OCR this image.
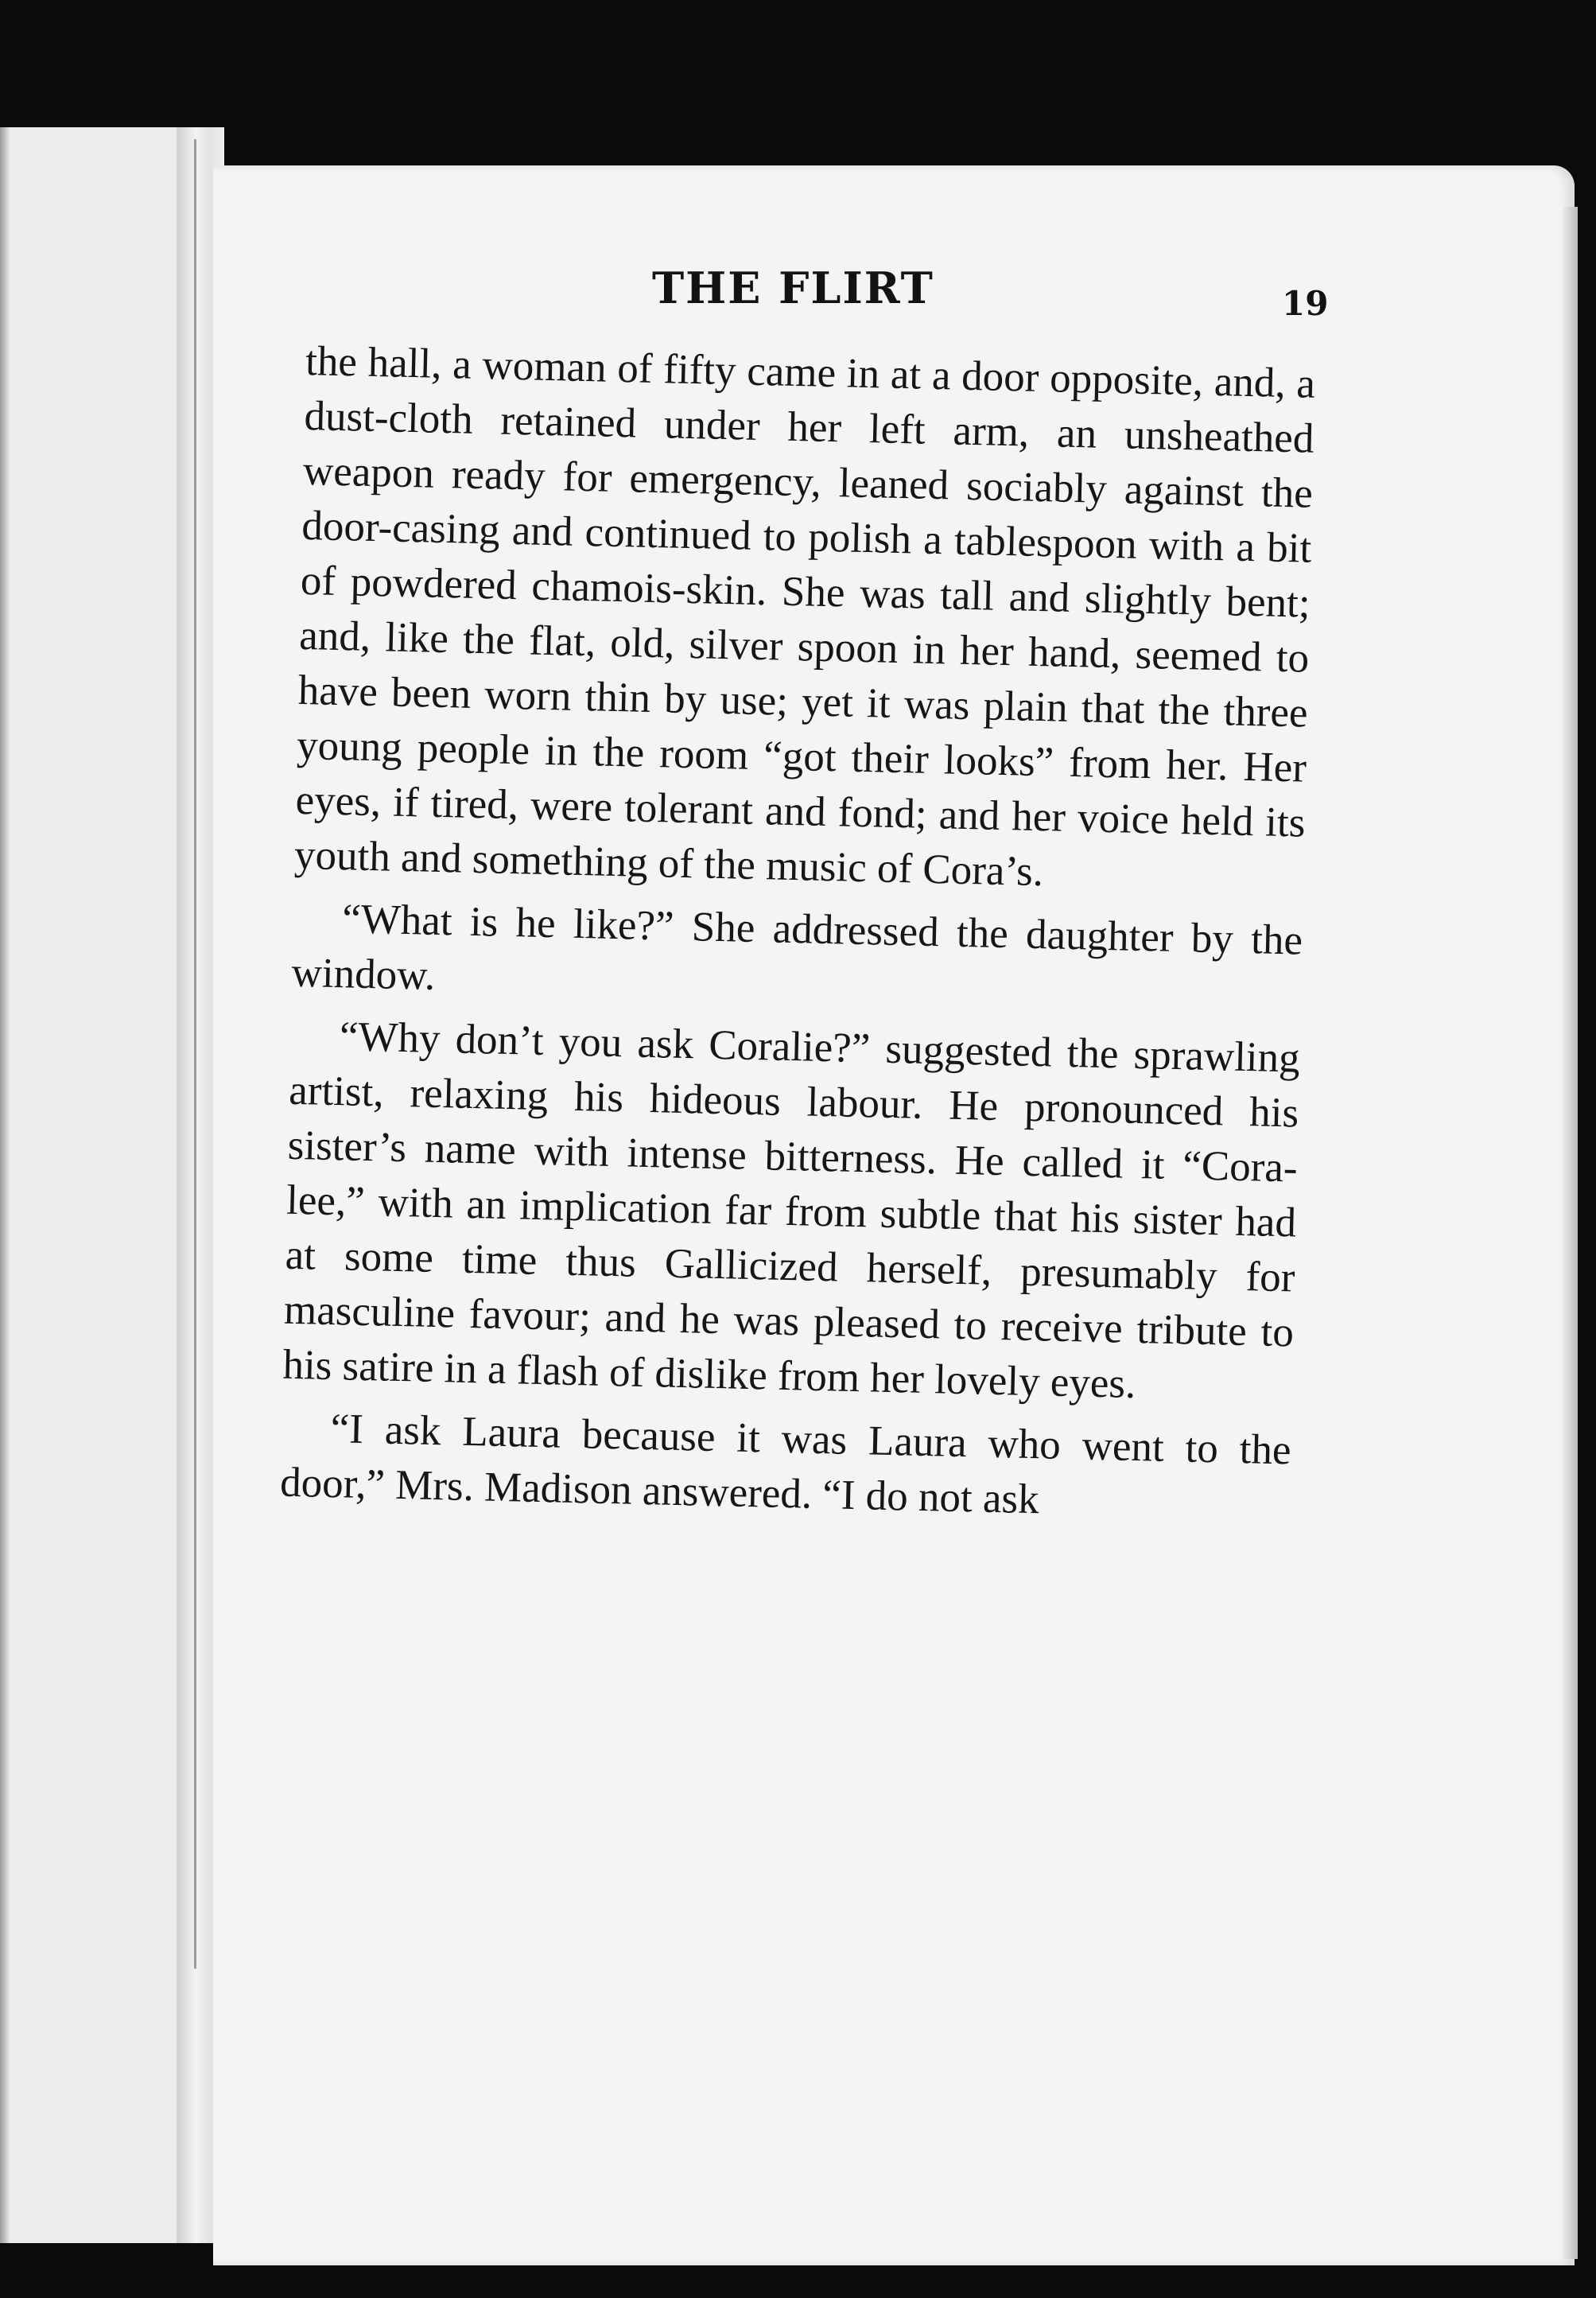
THE FLIRT	19

the hall, a woman of fifty came in at a door opposite, and, a dust-cloth retained under her left arm, an unsheathed weapon ready for emergency, leaned sociably against the door-casing and continued to polish a tablespoon with a bit of powdered chamois-skin. She was tall and slightly bent; and, like the flat, old, silver spoon in her hand, seemed to have been worn thin by use; yet it was plain that the three young people in the room “got their looks” from her. Her eyes, if tired, were tolerant and fond; and her voice held its youth and something of the music of Cora’s.

“What is he like?” She addressed the daughter by the window.

“Why don’t you ask Coralie?” suggested the sprawling artist, relaxing his hideous labour. He pronounced his sister’s name with intense bitterness. He called it “Cora-lee,” with an implication far from subtle that his sister had at some time thus Gallicized herself, presumably for masculine favour; and he was pleased to receive tribute to his satire in a flash of dislike from her lovely eyes.

“I ask Laura because it was Laura who went to the door,” Mrs. Madison answered. “I do not ask
